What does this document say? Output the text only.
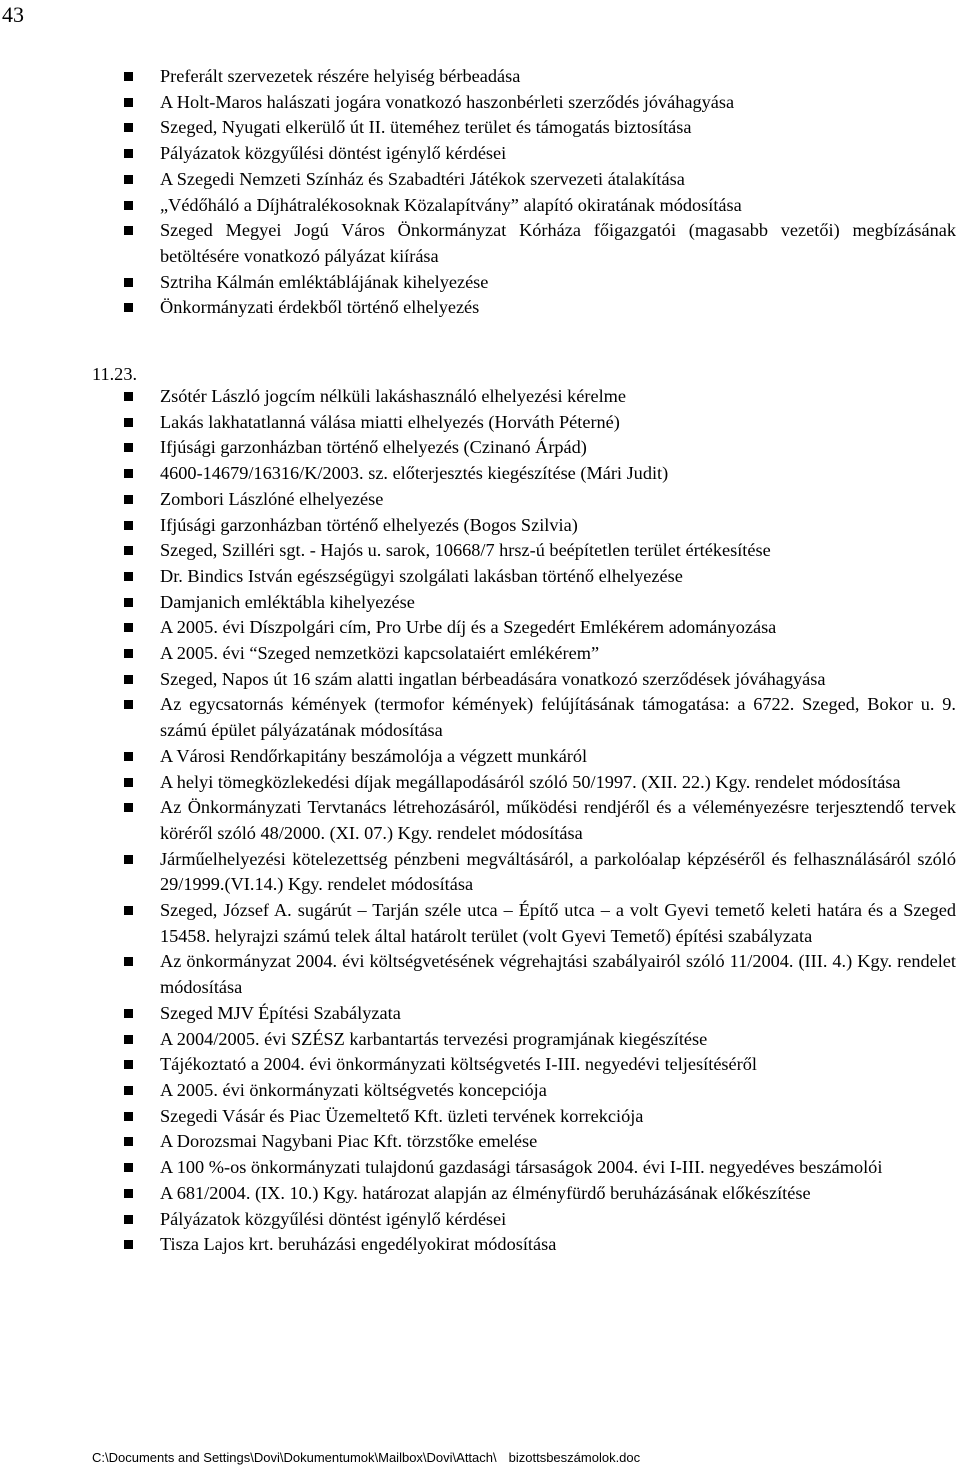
43
Preferált szervezetek részére helyiség bérbeadása
A Holt-Maros halászati jogára vonatkozó haszonbérleti szerződés jóváhagyása
Szeged, Nyugati elkerülő út II. üteméhez terület és támogatás biztosítása
Pályázatok közgyűlési döntést igénylő kérdései
A Szegedi Nemzeti Színház és Szabadtéri Játékok szervezeti átalakítása
„Védőháló a Díjhátralékosoknak Közalapítvány” alapító okiratának módosítása
Szeged Megyei Jogú Város Önkormányzat Kórháza főigazgatói (magasabb vezetői) megbízásának betöltésére vonatkozó pályázat kiírása
Sztriha Kálmán emléktáblájának kihelyezése
Önkormányzati érdekből történő elhelyezés
11.23.
Zsótér László jogcím nélküli lakáshasználó elhelyezési kérelme
Lakás lakhatatlanná válása miatti elhelyezés (Horváth Péterné)
Ifjúsági garzonházban történő elhelyezés (Czinanó Árpád)
4600-14679/16316/K/2003. sz. előterjesztés kiegészítése (Mári Judit)
Zombori Lászlóné elhelyezése
Ifjúsági garzonházban történő elhelyezés (Bogos Szilvia)
Szeged, Szilléri sgt. - Hajós u. sarok, 10668/7 hrsz-ú beépítetlen terület értékesítése
Dr. Bindics István egészségügyi szolgálati lakásban történő elhelyezése
Damjanich emléktábla kihelyezése
A 2005. évi Díszpolgári cím, Pro Urbe díj és a Szegedért Emlékérem adományozása
A 2005. évi “Szeged nemzetközi kapcsolataiért emlékérem”
Szeged, Napos út 16 szám alatti ingatlan bérbeadására vonatkozó szerződések jóváhagyása
Az egycsatornás kémények (termofor kémények) felújításának támogatása: a 6722. Szeged, Bokor u. 9. számú épület pályázatának módosítása
A Városi Rendőrkapitány beszámolója a végzett munkáról
A helyi tömegközlekedési díjak megállapodásáról szóló 50/1997. (XII. 22.) Kgy. rendelet módosítása
Az Önkormányzati Tervtanács létrehozásáról, működési rendjéről és a véleményezésre terjesztendő tervek köréről szóló 48/2000. (XI. 07.) Kgy. rendelet módosítása
Járműelhelyezési kötelezettség pénzbeni megváltásáról, a parkolóalap képzéséről és felhasználásáról szóló 29/1999.(VI.14.) Kgy. rendelet módosítása
Szeged, József A. sugárút – Tarján széle utca – Építő utca – a volt Gyevi temető keleti határa és a Szeged 15458. helyrajzi számú telek által határolt terület (volt Gyevi Temető) építési szabályzata
Az önkormányzat 2004. évi költségvetésének végrehajtási szabályairól szóló 11/2004. (III. 4.) Kgy. rendelet módosítása
Szeged MJV Építési Szabályzata
A 2004/2005. évi SZÉSZ karbantartás tervezési programjának kiegészítése
Tájékoztató a 2004. évi önkormányzati költségvetés I-III. negyedévi teljesítéséről
A 2005. évi önkormányzati költségvetés koncepciója
Szegedi Vásár és Piac Üzemeltető Kft. üzleti tervének korrekciója
A Dorozsmai Nagybani Piac Kft. törzstőke emelése
A 100 %-os önkormányzati tulajdonú gazdasági társaságok 2004. évi I-III. negyedéves beszámolói
A 681/2004. (IX. 10.) Kgy. határozat alapján az élményfürdő beruházásának előkészítése
Pályázatok közgyűlési döntést igénylő kérdései
Tisza Lajos krt. beruházási engedélyokirat módosítása
C:\Documents and Settings\Dovi\Dokumentumok\Mailbox\Dovi\Attach\ bizottsbeszámolok.doc
